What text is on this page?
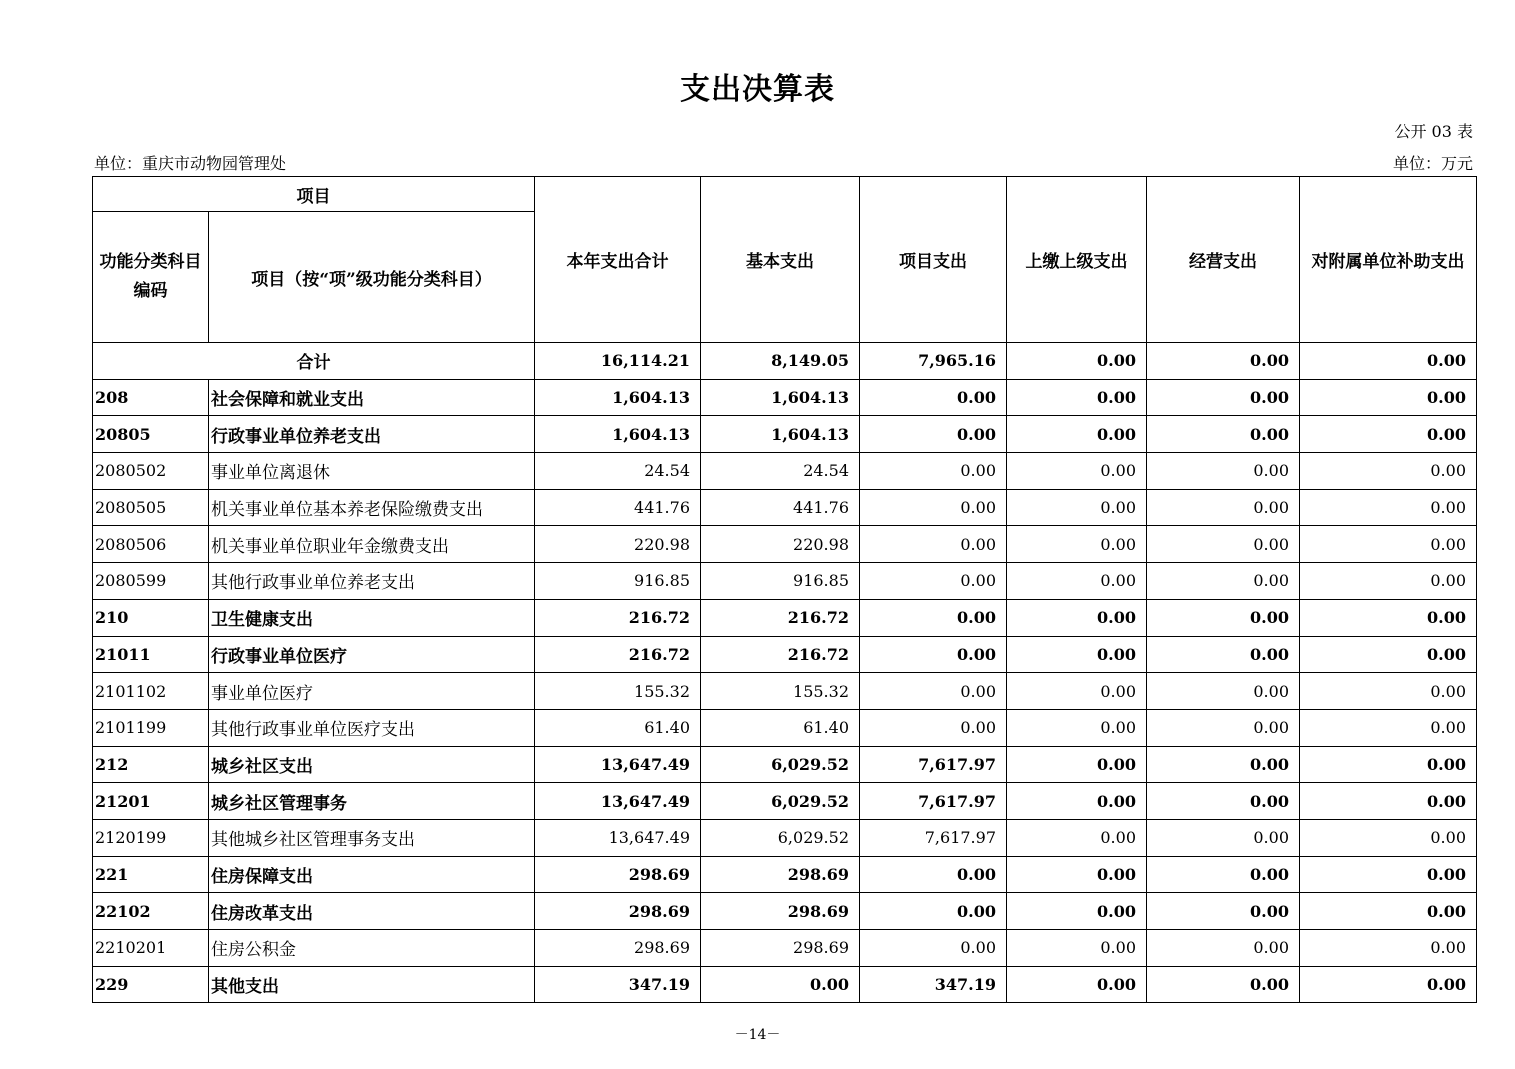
支出决算表
公开 03 表
单位：重庆市动物园管理处	单位：万元
项目		本年支出合计	基本支出	项目支出	上缴上级支出	经营支出	对附属单位补助支出
功能分类科目编码	项目（按“项”级功能分类科目）						
合计		16,114.21	8,149.05	7,965.16	0.00	0.00	0.00
208	社会保障和就业支出	1,604.13	1,604.13	0.00	0.00	0.00	0.00
20805	行政事业单位养老支出	1,604.13	1,604.13	0.00	0.00	0.00	0.00
2080502	事业单位离退休	24.54	24.54	0.00	0.00	0.00	0.00
2080505	机关事业单位基本养老保险缴费支出	441.76	441.76	0.00	0.00	0.00	0.00
2080506	机关事业单位职业年金缴费支出	220.98	220.98	0.00	0.00	0.00	0.00
2080599	其他行政事业单位养老支出	916.85	916.85	0.00	0.00	0.00	0.00
210	卫生健康支出	216.72	216.72	0.00	0.00	0.00	0.00
21011	行政事业单位医疗	216.72	216.72	0.00	0.00	0.00	0.00
2101102	事业单位医疗	155.32	155.32	0.00	0.00	0.00	0.00
2101199	其他行政事业单位医疗支出	61.40	61.40	0.00	0.00	0.00	0.00
212	城乡社区支出	13,647.49	6,029.52	7,617.97	0.00	0.00	0.00
21201	城乡社区管理事务	13,647.49	6,029.52	7,617.97	0.00	0.00	0.00
2120199	其他城乡社区管理事务支出	13,647.49	6,029.52	7,617.97	0.00	0.00	0.00
221	住房保障支出	298.69	298.69	0.00	0.00	0.00	0.00
22102	住房改革支出	298.69	298.69	0.00	0.00	0.00	0.00
2210201	住房公积金	298.69	298.69	0.00	0.00	0.00	0.00
229	其他支出	347.19	0.00	347.19	0.00	0.00	0.00
－14－
